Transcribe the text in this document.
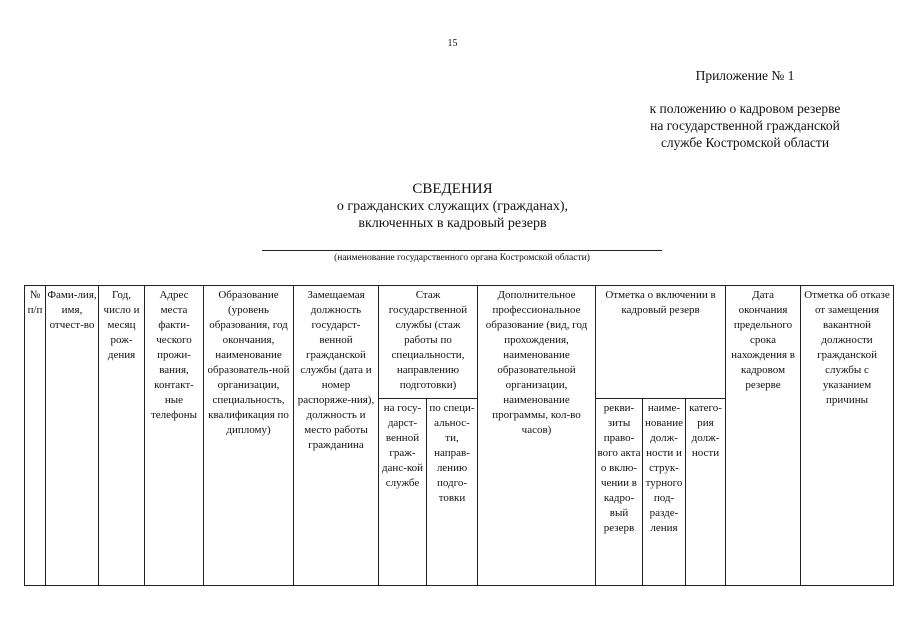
15
Приложение № 1
к положению о кадровом резерве
на государственной гражданской
службе Костромской области
СВЕДЕНИЯ
о гражданских служащих (гражданах),
включенных в кадровый резерв
(наименование государственного органа Костромской области)
№ п/п	Фами-лия, имя, отчест-во	Год, число и месяц рож-дения	Адрес места факти-ческого прожи-вания, контакт-ные телефоны	Образование (уровень образования, год окончания, наименование образователь-ной организации, специальность, квалификация по диплому)	Замещаемая должность государст-венной гражданской службы (дата и номер распоряже-ния), должность и место работы гражданина	Стаж государственной службы (стаж работы по специальности, направлению подготовки)		Дополнительное профессиональное образование (вид, год прохождения, наименование образовательной организации, наименование программы, кол-во часов)	Отметка о включении в кадровый резерв			Дата окончания предельного срока нахождения в кадровом резерве	Отметка об отказе от замещения вакантной должности гражданской службы с указанием причины
						на госу-дарст-венной граж-данс-кой службе	по специ-альнос-ти, направ-лению подго-товки		рекви-зиты право-вого акта о вклю-чении в кадро-вый резерв	наиме-нование долж-ности и струк-турного под-разде-ления	катего-рия долж-ности		
